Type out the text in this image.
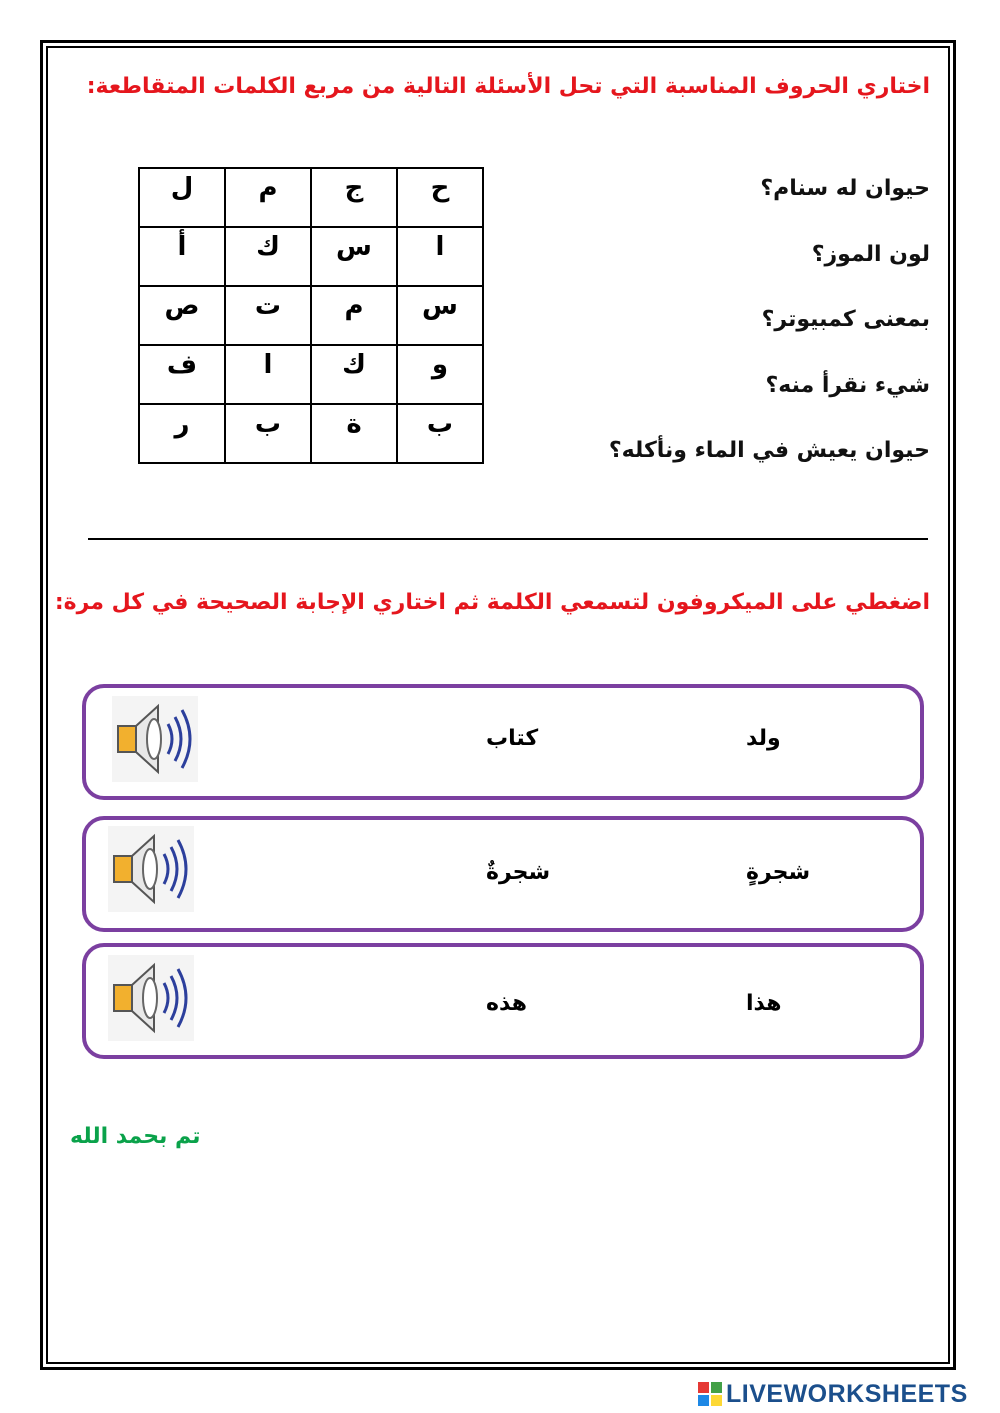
اختاري الحروف المناسبة التي تحل الأسئلة التالية من مربع الكلمات المتقاطعة:
ل	م	ج	ح
أ	ك	س	ا
ص	ت	م	س
ف	ا	ك	و
ر	ب	ة	ب
حيوان له سنام؟
لون الموز؟
بمعنى كمبيوتر؟
شيء نقرأ منه؟
حيوان يعيش في الماء ونأكله؟
اضغطي على الميكروفون لتسمعي الكلمة ثم اختاري الإجابة الصحيحة في كل مرة:
ولد
كتاب
شجرةٍ
شجرةٌ
هذا
هذه
تم بحمد الله
LIVEWORKSHEETS
